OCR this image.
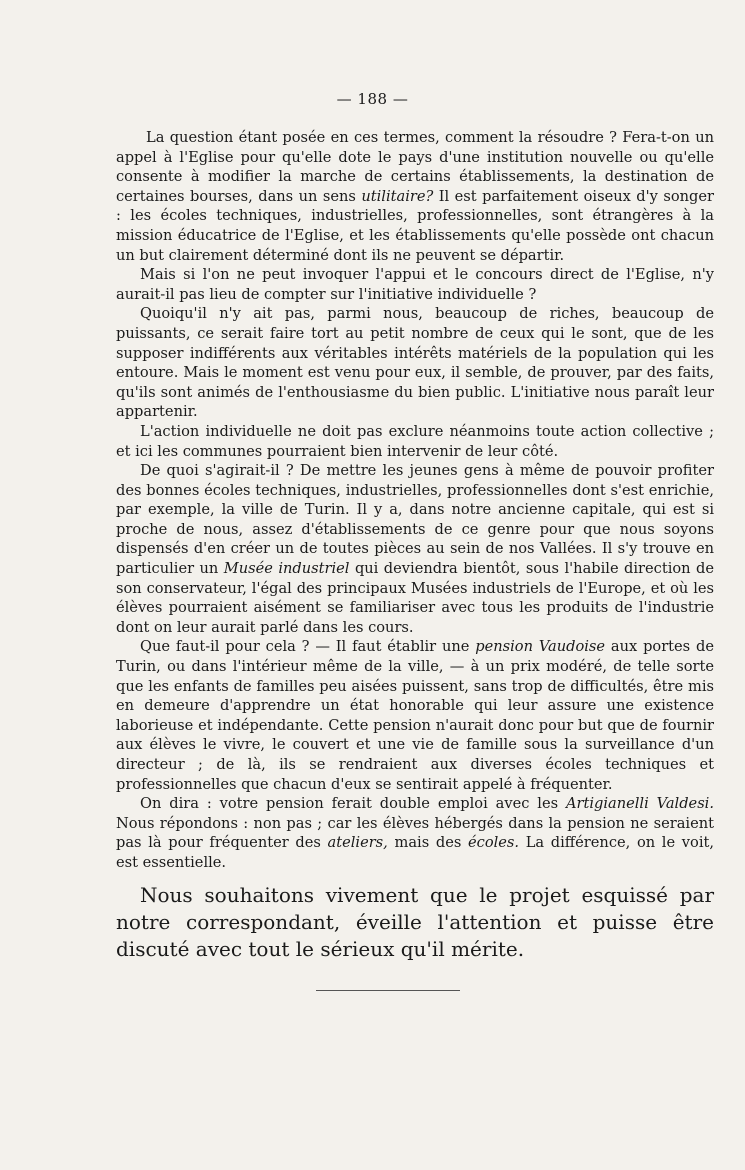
— 188 —

La question étant posée en ces termes, comment la résoudre ? Fera-t-on un appel à l'Eglise pour qu'elle dote le pays d'une institution nouvelle ou qu'elle consente à modifier la marche de certains établissements, la destination de certaines bourses, dans un sens utilitaire? Il est parfaitement oiseux d'y songer : les écoles techniques, industrielles, professionnelles, sont étrangères à la mission éducatrice de l'Eglise, et les établissements qu'elle possède ont chacun un but clairement déterminé dont ils ne peuvent se départir.

Mais si l'on ne peut invoquer l'appui et le concours direct de l'Eglise, n'y aurait-il pas lieu de compter sur l'initiative individuelle ?

Quoiqu'il n'y ait pas, parmi nous, beaucoup de riches, beaucoup de puissants, ce serait faire tort au petit nombre de ceux qui le sont, que de les supposer indifférents aux véritables intérêts matériels de la population qui les entoure. Mais le moment est venu pour eux, il semble, de prouver, par des faits, qu'ils sont animés de l'enthousiasme du bien public. L'initiative nous paraît leur appartenir.

L'action individuelle ne doit pas exclure néanmoins toute action collective ; et ici les communes pourraient bien intervenir de leur côté.

De quoi s'agirait-il ? De mettre les jeunes gens à même de pouvoir profiter des bonnes écoles techniques, industrielles, professionnelles dont s'est enrichie, par exemple, la ville de Turin. Il y a, dans notre ancienne capitale, qui est si proche de nous, assez d'établissements de ce genre pour que nous soyons dispensés d'en créer un de toutes pièces au sein de nos Vallées. Il s'y trouve en particulier un Musée industriel qui deviendra bientôt, sous l'habile direction de son conservateur, l'égal des principaux Musées industriels de l'Europe, et où les élèves pourraient aisément se familiariser avec tous les produits de l'industrie dont on leur aurait parlé dans les cours.

Que faut-il pour cela ? — Il faut établir une pension Vaudoise aux portes de Turin, ou dans l'intérieur même de la ville, — à un prix modéré, de telle sorte que les enfants de familles peu aisées puissent, sans trop de difficultés, être mis en demeure d'apprendre un état honorable qui leur assure une existence laborieuse et indépendante. Cette pension n'aurait donc pour but que de fournir aux élèves le vivre, le couvert et une vie de famille sous la surveillance d'un directeur ; de là, ils se rendraient aux diverses écoles techniques et professionnelles que chacun d'eux se sentirait appelé à fréquenter.

On dira : votre pension ferait double emploi avec les Artigianelli Valdesi. Nous répondons : non pas ; car les élèves hébergés dans la pension ne seraient pas là pour fréquenter des ateliers, mais des écoles. La différence, on le voit, est essentielle.

Nous souhaitons vivement que le projet esquissé par notre correspondant, éveille l'attention et puisse être discuté avec tout le sérieux qu'il mérite.
